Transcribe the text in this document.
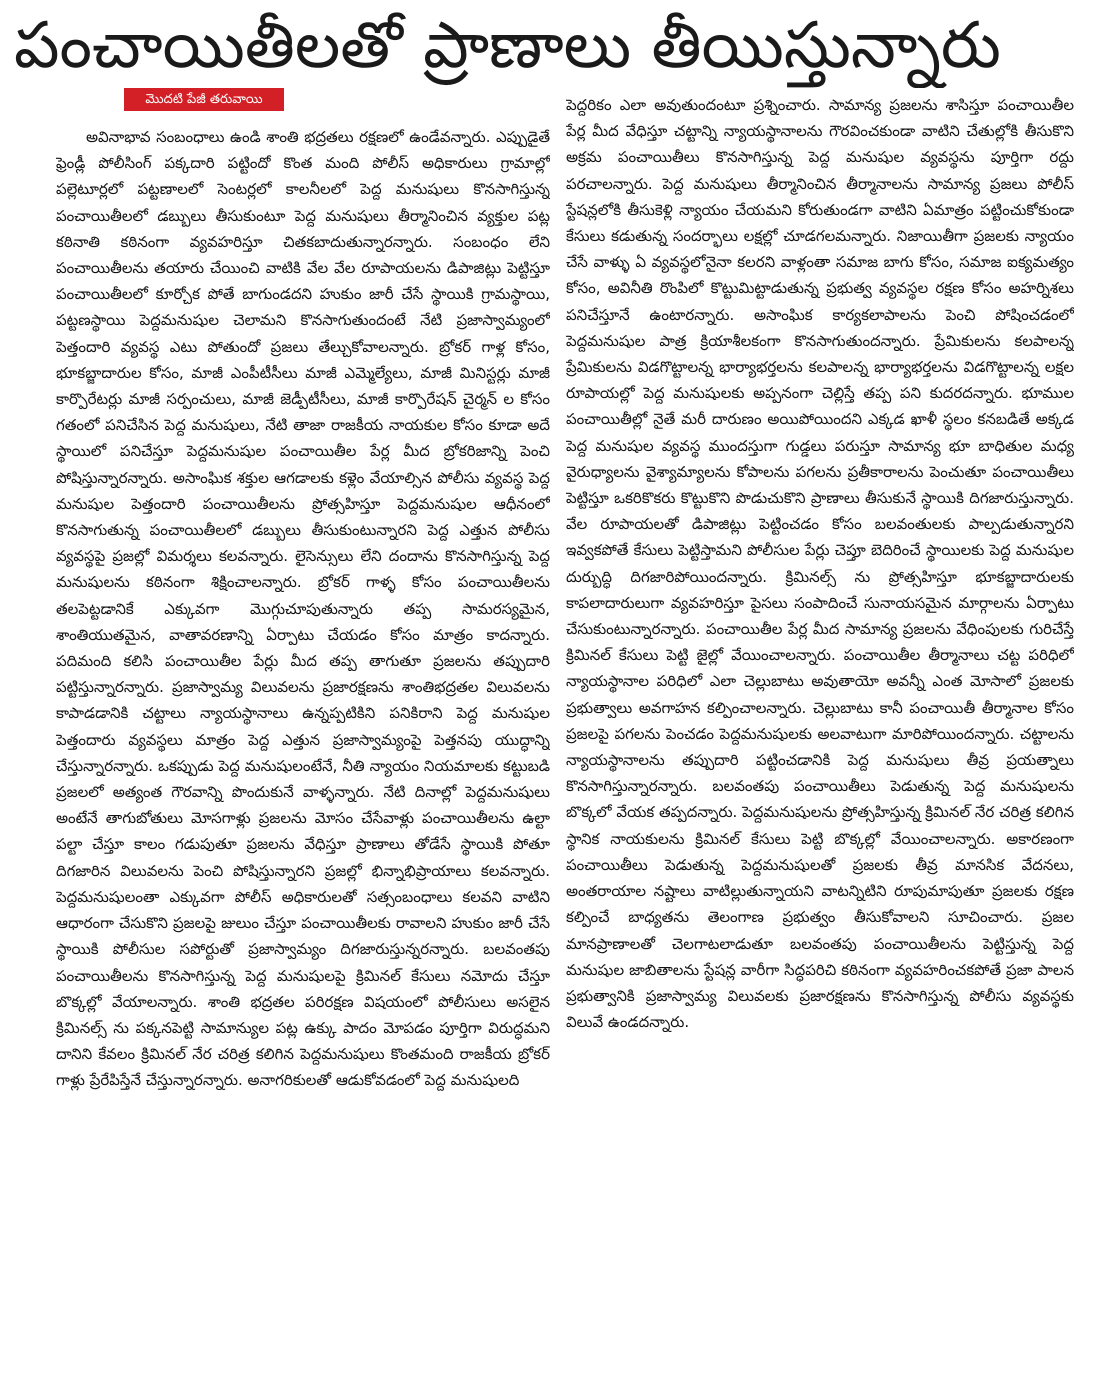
పంచాయితీలతో ప్రాణాలు తీయిస్తున్నారు
మొదటి పేజీ తరువాయి
అవినాభావ సంబంధాలు ఉండి శాంతి భద్రతలు రక్షణలో ఉండేవన్నారు. ఎప్పుడైతే ఫ్రెండ్లీ పోలీసింగ్ పక్కదారి పట్టిందో కొంత మంది పోలీస్ అధికారులు గ్రామాల్లో పల్లెటూర్లలో పట్టణాలలో సెంటర్లలో కాలనీలలో పెద్ద మనుషులు కొనసాగిస్తున్న పంచాయితీలలో డబ్బులు తీసుకుంటూ పెద్ద మనుషులు తీర్మానించిన వ్యక్తుల పట్ల కఠినాతి కఠినంగా వ్యవహరిస్తూ చితకబాదుతున్నారన్నారు. సంబంధం లేని పంచాయితీలను తయారు చేయించి వాటికి వేల వేల రూపాయలను డిపాజిట్లు పెట్టిస్తూ పంచాయితీలలో కూర్చోక పోతే బాగుండదని హుకుం జారీ చేసే స్థాయికి గ్రామస్థాయి, పట్టణస్థాయి పెద్దమనుషుల చెలామని కొనసాగుతుందంటే నేటి ప్రజాస్వామ్యంలో పెత్తందారి వ్యవస్థ ఎటు పోతుందో ప్రజలు తేల్చుకోవాలన్నారు. బ్రోకర్ గాళ్ల కోసం, భూకబ్జాదారుల కోసం, మాజీ ఎంపీటీసీలు మాజీ ఎమ్మెల్యేలు, మాజీ మినిస్టర్లు మాజీ కార్పొరేటర్లు మాజీ సర్పంచులు, మాజీ జెడ్పీటీసీలు, మాజీ కార్పొరేషన్ చైర్మన్ ల కోసం గతంలో పనిచేసిన పెద్ద మనుషులు, నేటి తాజా రాజకీయ నాయకుల కోసం కూడా అదే స్థాయిలో పనిచేస్తూ పెద్దమనుషుల పంచాయితీల పేర్ల మీద బ్రోకరిజాన్ని పెంచి పోషిస్తున్నారన్నారు. అసాంఘిక శక్తుల ఆగడాలకు కళ్లెం వేయాల్సిన పోలీసు వ్యవస్థ పెద్ద మనుషుల పెత్తందారి పంచాయితీలను ప్రోత్సహిస్తూ పెద్దమనుషుల ఆధీనంలో కొనసాగుతున్న పంచాయితీలలో డబ్బులు తీసుకుంటున్నారని పెద్ద ఎత్తున పోలీసు వ్యవస్థపై ప్రజల్లో విమర్శలు కలవన్నారు. లైసెన్సులు లేని దందాను కొనసాగిస్తున్న పెద్ద మనుషులను కఠినంగా శిక్షించాలన్నారు. బ్రోకర్ గాళ్ళ కోసం పంచాయితీలను తలపెట్టడానికే ఎక్కువగా మొగ్గుచూపుతున్నారు తప్ప సామరస్యమైన, శాంతియుతమైన, వాతావరణాన్ని ఏర్పాటు చేయడం కోసం మాత్రం కాదన్నారు. పదిమంది కలిసి పంచాయితీల పేర్లు మీద తప్ప తాగుతూ ప్రజలను తప్పుదారి పట్టిస్తున్నారన్నారు. ప్రజాస్వామ్య విలువలను ప్రజారక్షణను శాంతిభద్రతల విలువలను కాపాడడానికి చట్టాలు న్యాయస్థానాలు ఉన్నప్పటికిని పనికిరాని పెద్ద మనుషుల పెత్తందారు వ్యవస్థలు మాత్రం పెద్ద ఎత్తున ప్రజాస్వామ్యంపై పెత్తనపు యుద్ధాన్ని చేస్తున్నారన్నారు. ఒకప్పుడు పెద్ద మనుషులంటేనే, నీతి న్యాయం నియమాలకు కట్టుబడి ప్రజలలో అత్యంత గౌరవాన్ని పొందుకునే వాళ్ళన్నారు. నేటి దినాల్లో పెద్దమనుషులు అంటేనే తాగుబోతులు మోసగాళ్లు ప్రజలను మోసం చేసేవాళ్లు పంచాయితీలను ఉల్టా పల్టా చేస్తూ కాలం గడుపుతూ ప్రజలను వేధిస్తూ ప్రాణాలు తోడేసే స్థాయికి పోతూ దిగజారిన విలువలను పెంచి పోషిస్తున్నారని ప్రజల్లో భిన్నాభిప్రాయాలు కలవన్నారు. పెద్దమనుషులంతా ఎక్కువగా పోలీస్ అధికారులతో సత్సంబంధాలు కలవని వాటిని ఆధారంగా చేసుకొని ప్రజలపై జులుం చేస్తూ పంచాయితీలకు రావాలని హుకుం జారీ చేసే స్థాయికి పోలీసుల సపోర్టుతో ప్రజాస్వామ్యం దిగజారుస్తున్నరన్నారు. బలవంతపు పంచాయితీలను కొనసాగిస్తున్న పెద్ద మనుషులపై క్రిమినల్ కేసులు నమోదు చేస్తూ బొక్కల్లో వేయాలన్నారు. శాంతి భద్రతల పరిరక్షణ విషయంలో పోలీసులు అసలైన క్రిమినల్స్ ను పక్కనపెట్టి సామాన్యుల పట్ల ఉక్కు పాదం మోపడం పూర్తిగా విరుద్ధమని దానిని కేవలం క్రిమినల్ నేర చరిత్ర కలిగిన పెద్దమనుషులు కొంతమంది రాజకీయ బ్రోకర్ గాళ్లు ప్రేరేపిస్తేనే చేస్తున్నారన్నారు. అనాగరికులతో ఆడుకోవడంలో పెద్ద మనుషులది
పెద్దరికం ఎలా అవుతుందంటూ ప్రశ్నించారు. సామాన్య ప్రజలను శాసిస్తూ పంచాయితీల పేర్ల మీద వేధిస్తూ చట్టాన్ని న్యాయస్థానాలను గౌరవించకుండా వాటిని చేతుల్లోకి తీసుకొని అక్రమ పంచాయితీలు కొనసాగిస్తున్న పెద్ద మనుషుల వ్యవస్థను పూర్తిగా రద్దు పరచాలన్నారు. పెద్ద మనుషులు తీర్మానించిన తీర్మానాలను సామాన్య ప్రజలు పోలీస్ స్టేషన్లలోకి తీసుకెళ్లి న్యాయం చేయమని కోరుతుండగా వాటిని ఏమాత్రం పట్టించుకోకుండా కేసులు కడుతున్న సందర్భాలు లక్షల్లో చూడగలమన్నారు. నిజాయితీగా ప్రజలకు న్యాయం చేసే వాళ్ళు ఏ వ్యవస్థలోనైనా కలరని వాళ్లంతా సమాజ బాగు కోసం, సమాజ ఐక్యమత్యం కోసం, అవినీతి రొంపిలో కొట్టుమిట్టాడుతున్న ప్రభుత్వ వ్యవస్థల రక్షణ కోసం అహర్నిశలు పనిచేస్తూనే ఉంటారన్నారు. అసాంఘిక కార్యకలాపాలను పెంచి పోషించడంలో పెద్దమనుషుల పాత్ర క్రియాశీలకంగా కొనసాగుతుందన్నారు. ప్రేమికులను కలపాలన్న ప్రేమికులను విడగొట్టాలన్న భార్యాభర్తలను కలపాలన్న భార్యాభర్తలను విడగొట్టాలన్న లక్షల రూపాయల్లో పెద్ద మనుషులకు అప్పనంగా చెల్లిస్తే తప్ప పని కుదరదన్నారు. భూముల పంచాయితీల్లో నైతే మరీ దారుణం అయిపోయిందని ఎక్కడ ఖాళీ స్థలం కనబడితే అక్కడ పెద్ద మనుషుల వ్యవస్థ ముందస్తుగా గుడ్డలు పరుస్తూ సామాన్య భూ బాధితుల మధ్య వైరుధ్యాలను వైశ్యామ్యాలను కోపాలను పగలను ప్రతీకారాలను పెంచుతూ పంచాయితీలు పెట్టిస్తూ ఒకరికొకరు కొట్టుకొని పొడుచుకొని ప్రాణాలు తీసుకునే స్థాయికి దిగజారుస్తున్నారు. వేల రూపాయలతో డిపాజిట్లు పెట్టించడం కోసం బలవంతులకు పాల్పడుతున్నారని ఇవ్వకపోతే కేసులు పెట్టిస్తామని పోలీసుల పేర్లు చెప్తూ బెదిరించే స్థాయిలకు పెద్ద మనుషుల దుర్బుద్ధి దిగజారిపోయిందన్నారు. క్రిమినల్స్ ను ప్రోత్సహిస్తూ భూకబ్జాదారులకు కాపలాదారులుగా వ్యవహరిస్తూ పైసలు సంపాదించే సునాయసమైన మార్గాలను ఏర్పాటు చేసుకుంటున్నారన్నారు. పంచాయితీల పేర్ల మీద సామాన్య ప్రజలను వేధింపులకు గురిచేస్తే క్రిమినల్ కేసులు పెట్టి జైల్లో వేయించాలన్నారు. పంచాయితీల తీర్మానాలు చట్ట పరిధిలో న్యాయస్థానాల పరిధిలో ఎలా చెల్లుబాటు అవుతాయో అవన్నీ ఎంత మోసాలో ప్రజలకు ప్రభుత్వాలు అవగాహన కల్పించాలన్నారు. చెల్లుబాటు కానీ పంచాయితీ తీర్మానాల కోసం ప్రజలపై పగలను పెంచడం పెద్దమనుషులకు అలవాటుగా మారిపోయిందన్నారు. చట్టాలను న్యాయస్థానాలను తప్పుదారి పట్టించడానికి పెద్ద మనుషులు తీవ్ర ప్రయత్నాలు కొనసాగిస్తున్నారన్నారు. బలవంతపు పంచాయితీలు పెడుతున్న పెద్ద మనుషులను బొక్కలో వేయక తప్పదన్నారు. పెద్దమనుషులను ప్రోత్సహిస్తున్న క్రిమినల్ నేర చరిత్ర కలిగిన స్థానిక నాయకులను క్రిమినల్ కేసులు పెట్టి బొక్కల్లో వేయించాలన్నారు. అకారణంగా పంచాయితీలు పెడుతున్న పెద్దమనుషులతో ప్రజలకు తీవ్ర మానసిక వేదనలు, అంతరాయాల నష్టాలు వాటిల్లుతున్నాయని వాటన్నిటిని రూపుమాపుతూ ప్రజలకు రక్షణ కల్పించే బాధ్యతను తెలంగాణ ప్రభుత్వం తీసుకోవాలని సూచించారు. ప్రజల మానప్రాణాలతో చెలగాటలాడుతూ బలవంతపు పంచాయితీలను పెట్టిస్తున్న పెద్ద మనుషుల జాబితాలను స్టేషన్ల వారీగా సిద్ధపరిచి కఠినంగా వ్యవహరించకపోతే ప్రజా పాలన ప్రభుత్వానికి ప్రజాస్వామ్య విలువలకు ప్రజారక్షణను కొనసాగిస్తున్న పోలీసు వ్యవస్థకు విలువే ఉండదన్నారు.
